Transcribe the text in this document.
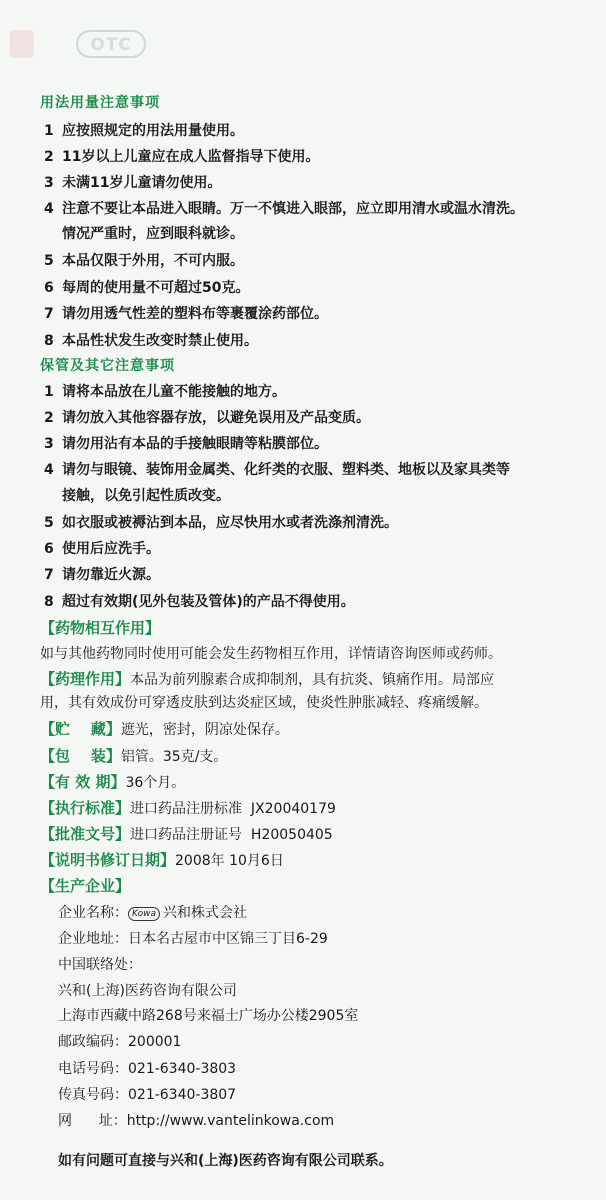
OTC
用法用量注意事项
1 应按照规定的用法用量使用。
2 11岁以上儿童应在成人监督指导下使用。
3 未满11岁儿童请勿使用。
4 注意不要让本品进入眼睛。万一不慎进入眼部，应立即用清水或温水清洗。
情况严重时，应到眼科就诊。
5 本品仅限于外用，不可内服。
6 每周的使用量不可超过50克。
7 请勿用透气性差的塑料布等裹覆涂药部位。
8 本品性状发生改变时禁止使用。
保管及其它注意事项
1 请将本品放在儿童不能接触的地方。
2 请勿放入其他容器存放，以避免误用及产品变质。
3 请勿用沾有本品的手接触眼睛等粘膜部位。
4 请勿与眼镜、装饰用金属类、化纤类的衣服、塑料类、地板以及家具类等
接触，以免引起性质改变。
5 如衣服或被褥沾到本品，应尽快用水或者洗涤剂清洗。
6 使用后应洗手。
7 请勿靠近火源。
8 超过有效期(见外包装及管体)的产品不得使用。
【药物相互作用】
如与其他药物同时使用可能会发生药物相互作用，详情请咨询医师或药师。
【药理作用】本品为前列腺素合成抑制剂，具有抗炎、镇痛作用。局部应
用，其有效成份可穿透皮肤到达炎症区域，使炎性肿胀减轻、疼痛缓解。
【贮    藏】遮光，密封，阴凉处保存。
【包    装】铝管。35克/支。
【有 效 期】36个月。
【执行标准】进口药品注册标准  JX20040179
【批准文号】进口药品注册证号  H20050405
【说明书修订日期】2008年 10月6日
【生产企业】
企业名称： Kowa 兴和株式会社
企业地址：日本名古屋市中区锦三丁目6-29
中国联络处：
兴和(上海)医药咨询有限公司
上海市西藏中路268号来福士广场办公楼2905室
邮政编码：200001
电话号码：021-6340-3803
传真号码：021-6340-3807
网      址：http://www.vantelinkowa.com
如有问题可直接与兴和(上海)医药咨询有限公司联系。
